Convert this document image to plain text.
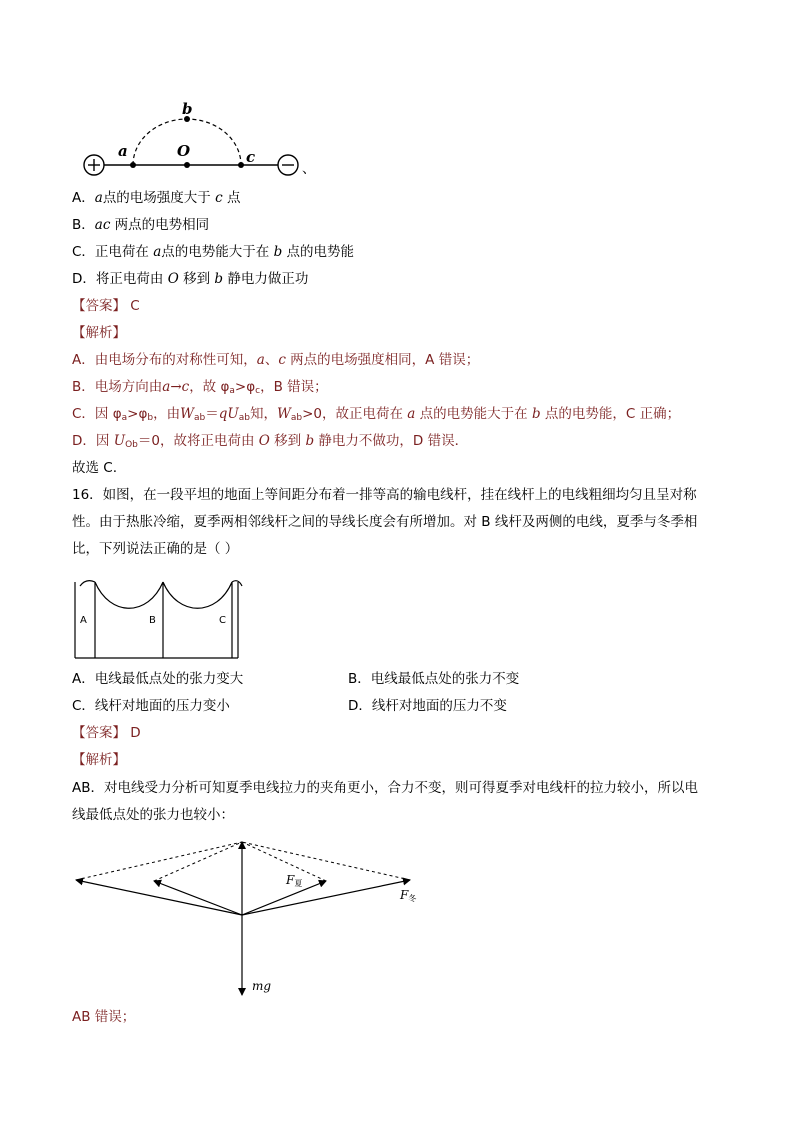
a
b
O	c
、
A．a点的电场强度大于 c 点
B．ac 两点的电势相同
C．正电荷在 a点的电势能大于在 b 点的电势能
D．将正电荷由 O 移到 b 静电力做正功
【答案】 C
【解析】
A．由电场分布的对称性可知，a、c 两点的电场强度相同，A 错误；
B．电场方向由a→c，故 $\varphi_a>\varphi_c$，B 错误；
C．因 $\varphi_a>\varphi_b$，由$W_{ab}=qU_{ab}$知，$W_{ab}>0$，故正电荷在 a 点的电势能大于在 b 点的电势能，C 正确；
D．因 $U_{Ob}=0$，故将正电荷由 O 移到 b 静电力不做功，D 错误．
故选 C.
16．如图，在一段平坦的地面上等间距分布着一排等高的输电线杆，挂在线杆上的电线粗细均匀且呈对称
性。由于热胀冷缩，夏季两相邻线杆之间的导线长度会有所增加。对 B 线杆及两侧的电线，夏季与冬季相
比，下列说法正确的是（ ）
A	B	C
A．电线最低点处的张力变大	B．电线最低点处的张力不变
C．线杆对地面的压力变小	D．线杆对地面的压力不变
【答案】 D
【解析】
AB．对电线受力分析可知夏季电线拉力的夹角更小，合力不变，则可得夏季对电线杆的拉力较小，所以电
线最低点处的张力也较小：
$F_夏$
$F_冬$
mg
AB 错误；
